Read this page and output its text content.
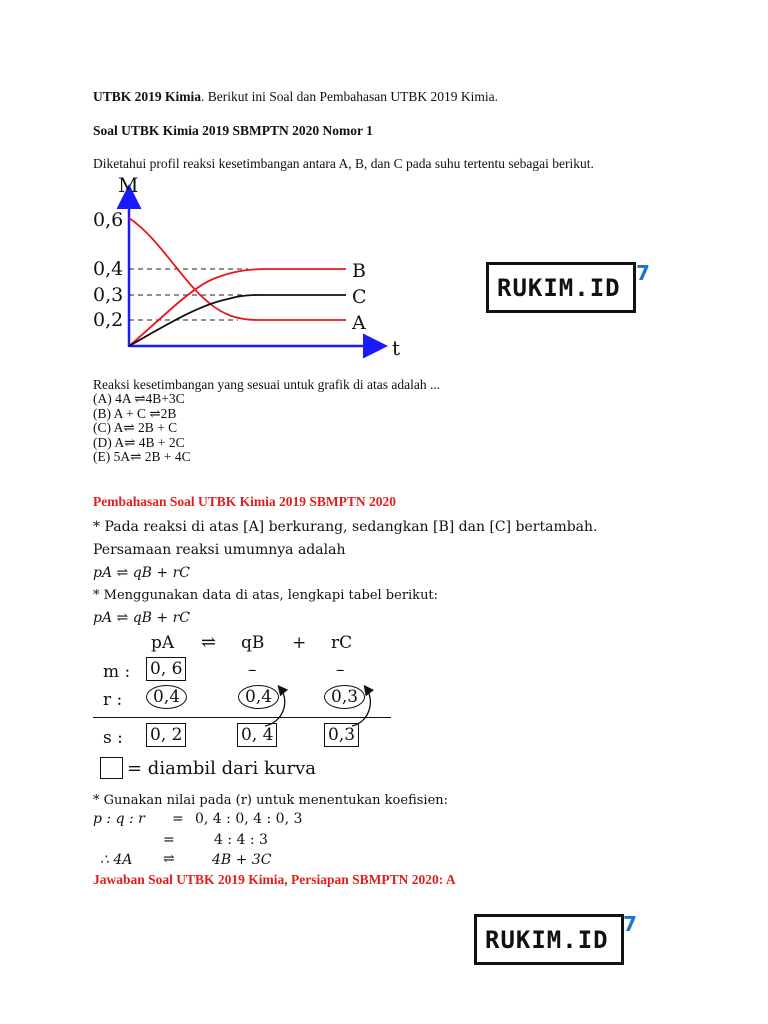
UTBK 2019 Kimia. Berikut ini Soal dan Pembahasan UTBK 2019 Kimia.
Soal UTBK Kimia 2019 SBMPTN 2020 Nomor 1
Diketahui profil reaksi kesetimbangan antara A, B, dan C pada suhu tertentu sebagai berikut.
M
t
0,6
0,4
0,3
0,2
B
C
A
RUKIM.ID
7
Reaksi kesetimbangan yang sesuai untuk grafik di atas adalah ...
(A) 4A ⇌4B+3C
(B) A + C ⇌2B
(C) A⇌ 2B + C
(D) A⇌ 4B + 2C
(E) 5A⇌ 2B + 4C
Pembahasan Soal UTBK Kimia 2019 SBMPTN 2020
* Pada reaksi di atas [A] berkurang, sedangkan [B] dan [C] bertambah.
Persamaan reaksi umumnya adalah
pA ⇌ qB + rC
* Menggunakan data di atas, lengkapi tabel berikut:
pA ⇌ qB + rC
pA ⇌ qB + rC
m : 0, 6	–	–
r :	0,4	0,4	0,3
s : 0, 2	0, 4	0,3
= diambil dari kurva
* Gunakan nilai pada (r) untuk menentukan koefisien:
p : q : r = 0, 4 : 0, 4 : 0, 3
=	4 : 4 : 3
∴ 4A ⇌	4B + 3C
Jawaban Soal UTBK 2019 Kimia, Persiapan SBMPTN 2020: A
RUKIM.ID
7
